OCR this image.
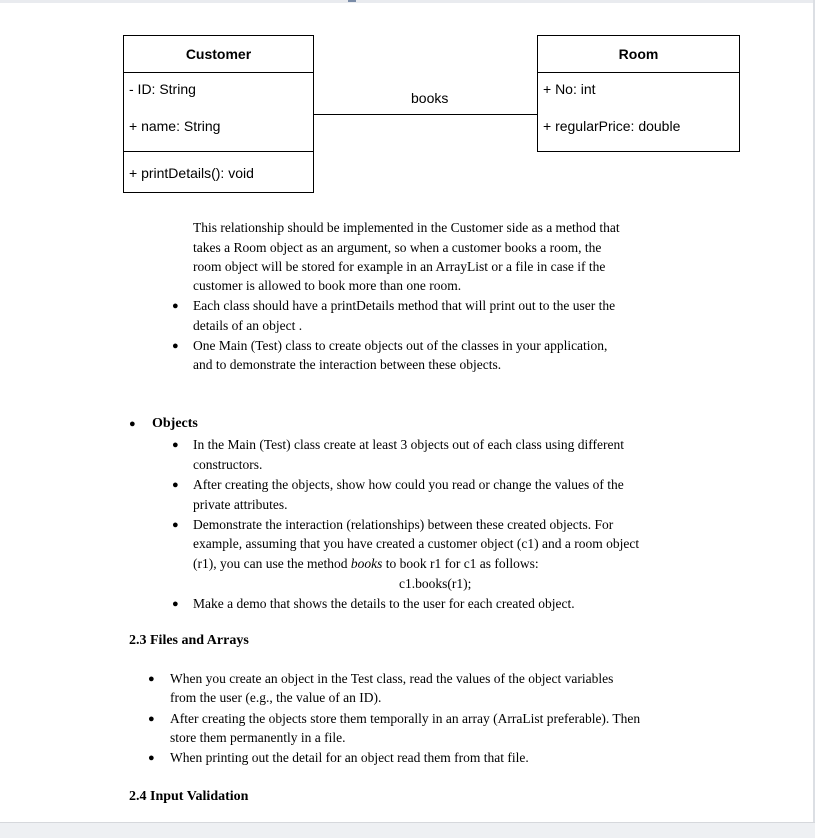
Customer
- ID: String
+ name: String
+ printDetails(): void
books
Room
+ No: int
+ regularPrice: double
This relationship should be implemented in the Customer side as a method that
takes a Room object as an argument, so when a customer books a room, the
room object will be stored for example in an ArrayList or a file in case if the
customer is allowed to book more than one room.
● Each class should have a printDetails method that will print out to the user the
details of an object .
● One Main (Test) class to create objects out of the classes in your application,
and to demonstrate the interaction between these objects.
● Objects
● In the Main (Test) class create at least 3 objects out of each class using different
constructors.
● After creating the objects, show how could you read or change the values of the
private attributes.
● Demonstrate the interaction (relationships) between these created objects. For
example, assuming that you have created a customer object (c1) and a room object
(r1), you can use the method books to book r1 for c1 as follows:
c1.books(r1);
● Make a demo that shows the details to the user for each created object.
2.3 Files and Arrays
● When you create an object in the Test class, read the values of the object variables
from the user (e.g., the value of an ID).
● After creating the objects store them temporally in an array (ArraList preferable). Then
store them permanently in a file.
● When printing out the detail for an object read them from that file.
2.4 Input Validation
